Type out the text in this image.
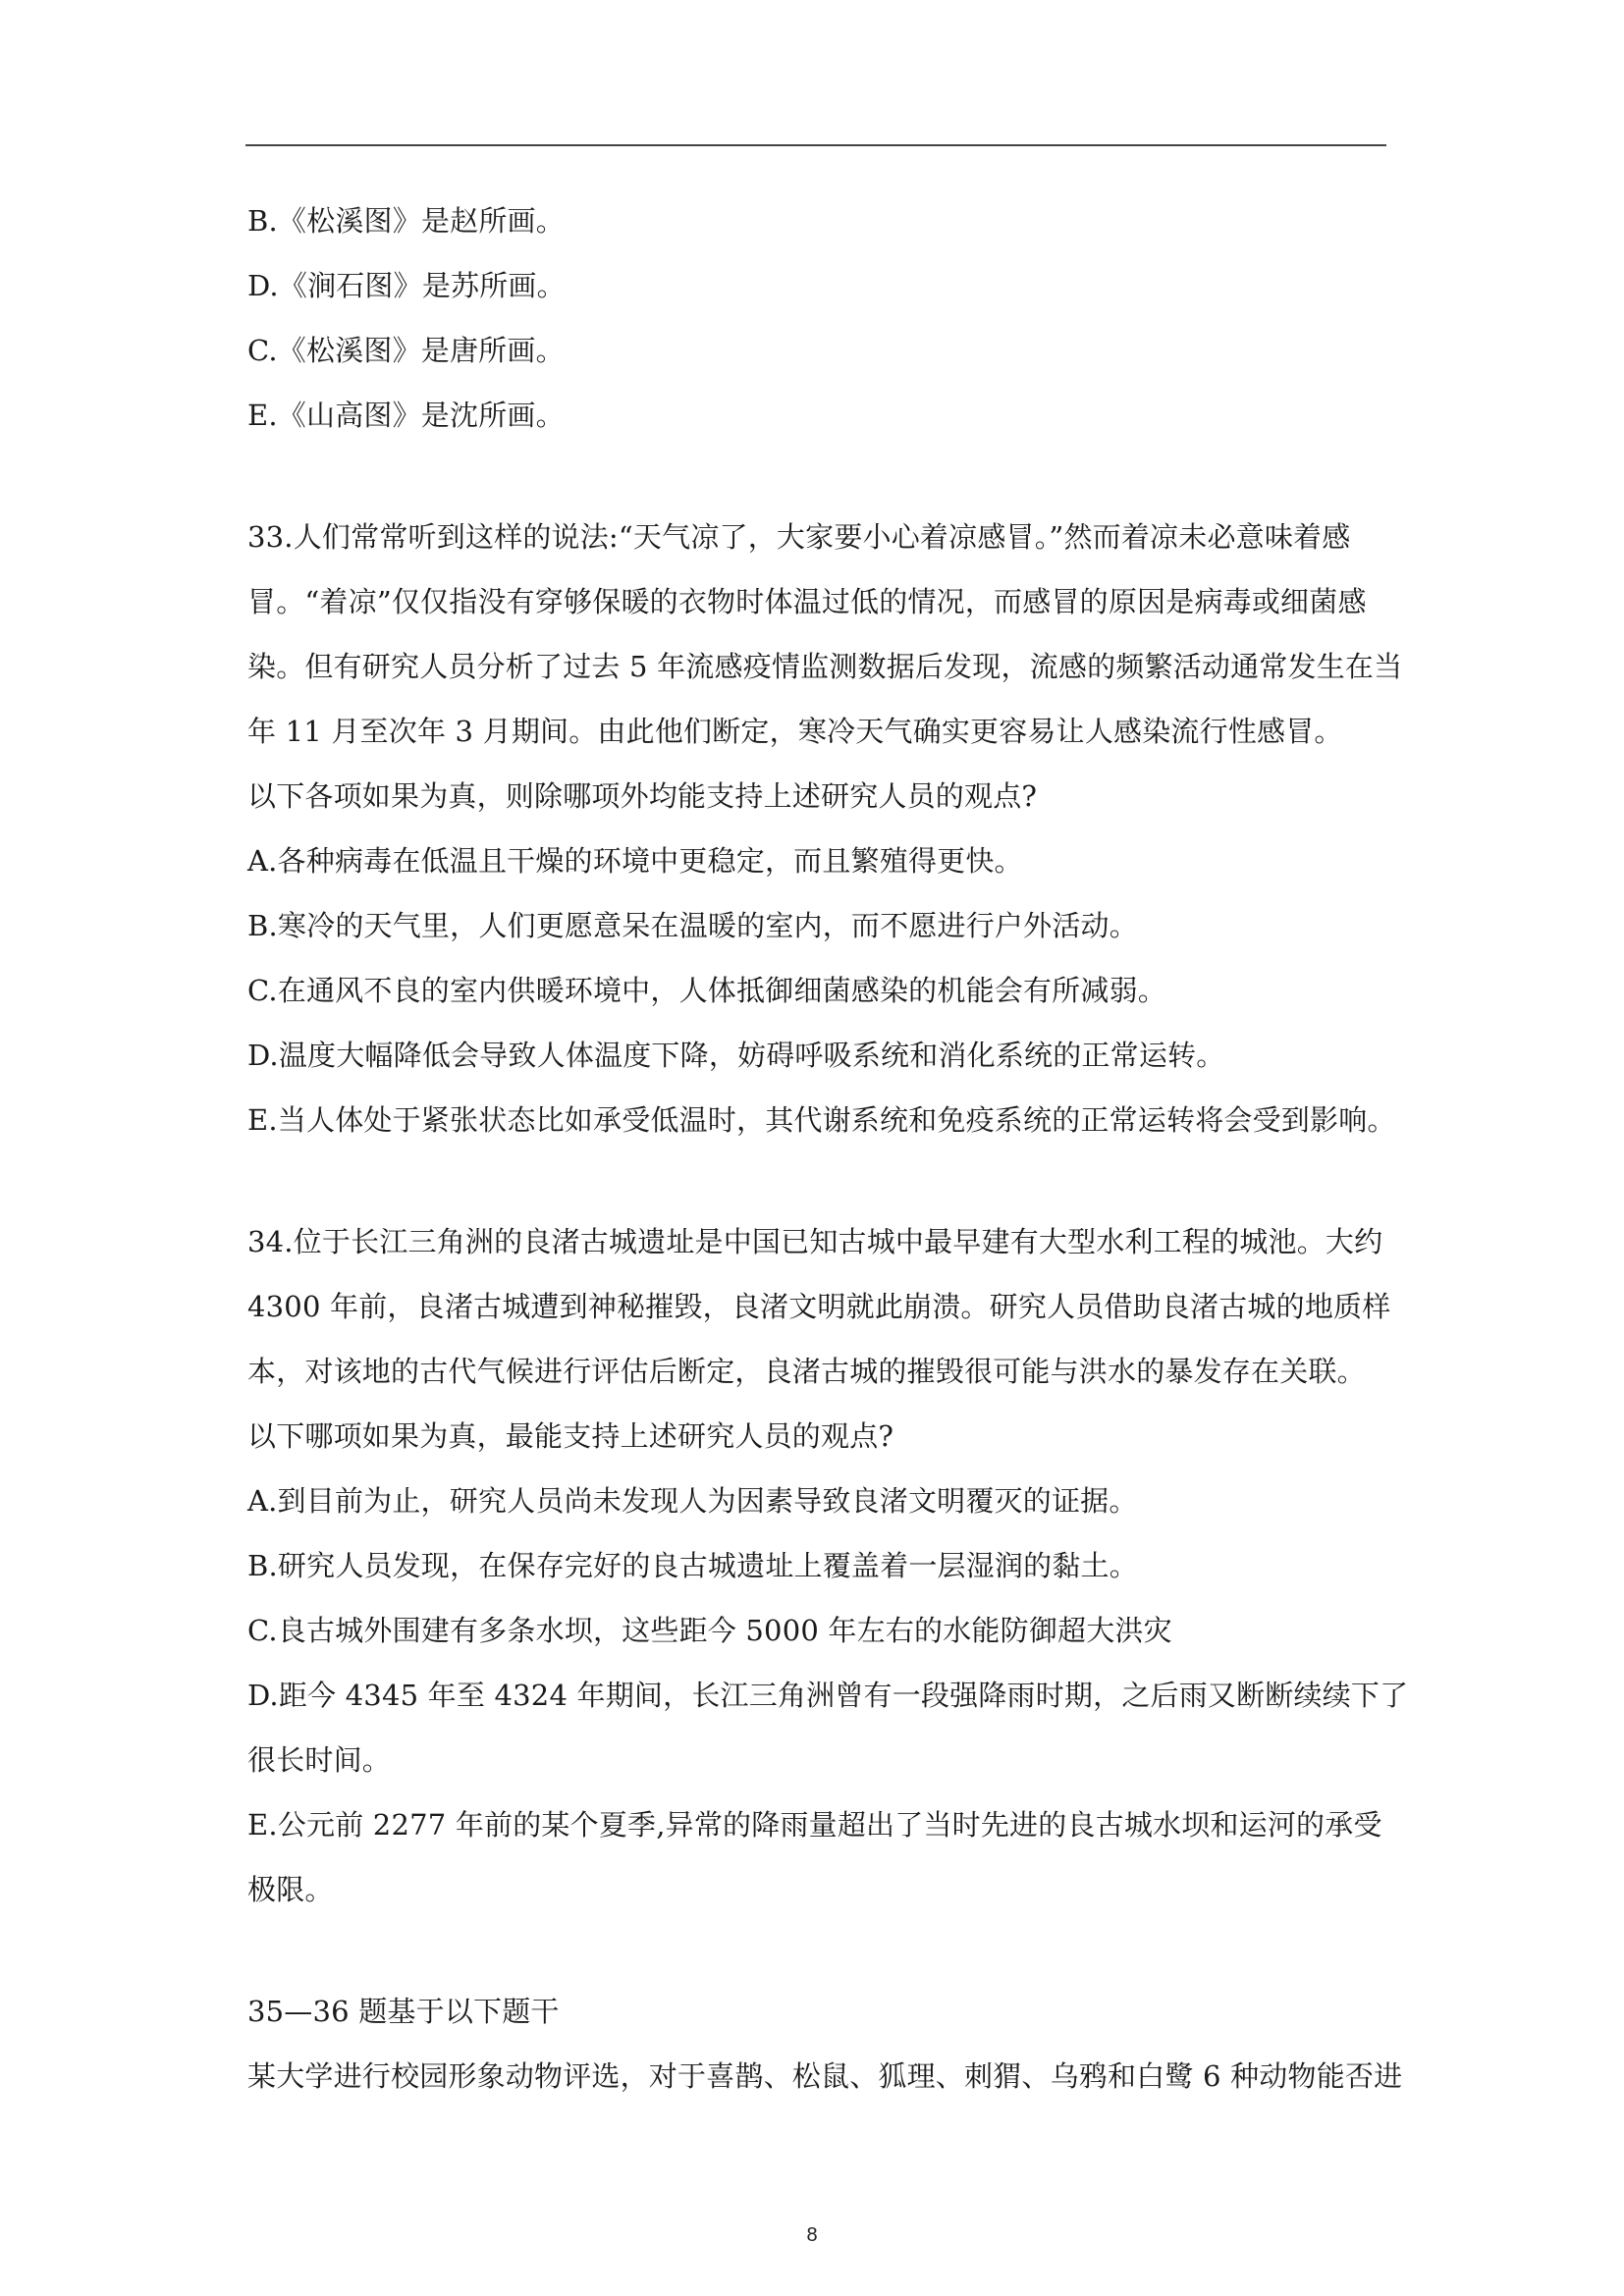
B.《松溪图》是赵所画。
D.《涧石图》是苏所画。
C.《松溪图》是唐所画。
E.《山高图》是沈所画。
33.人们常常听到这样的说法:“天气凉了，大家要小心着凉感冒。”然而着凉未必意味着感
冒。“着凉”仅仅指没有穿够保暖的衣物时体温过低的情况，而感冒的原因是病毒或细菌感
染。但有研究人员分析了过去 5 年流感疫情监测数据后发现，流感的频繁活动通常发生在当
年 11 月至次年 3 月期间。由此他们断定，寒冷天气确实更容易让人感染流行性感冒。
以下各项如果为真，则除哪项外均能支持上述研究人员的观点?
A.各种病毒在低温且干燥的环境中更稳定，而且繁殖得更快。
B.寒冷的天气里，人们更愿意呆在温暖的室内，而不愿进行户外活动。
C.在通风不良的室内供暖环境中，人体抵御细菌感染的机能会有所减弱。
D.温度大幅降低会导致人体温度下降，妨碍呼吸系统和消化系统的正常运转。
E.当人体处于紧张状态比如承受低温时，其代谢系统和免疫系统的正常运转将会受到影响。
34.位于长江三角洲的良渚古城遗址是中国已知古城中最早建有大型水利工程的城池。大约
4300 年前，良渚古城遭到神秘摧毁，良渚文明就此崩溃。研究人员借助良渚古城的地质样
本，对该地的古代气候进行评估后断定，良渚古城的摧毁很可能与洪水的暴发存在关联。
以下哪项如果为真，最能支持上述研究人员的观点?
A.到目前为止，研究人员尚未发现人为因素导致良渚文明覆灭的证据。
B.研究人员发现，在保存完好的良古城遗址上覆盖着一层湿润的黏土。
C.良古城外围建有多条水坝，这些距今 5000 年左右的水能防御超大洪灾
D.距今 4345 年至 4324 年期间，长江三角洲曾有一段强降雨时期，之后雨又断断续续下了
很长时间。
E.公元前 2277 年前的某个夏季,异常的降雨量超出了当时先进的良古城水坝和运河的承受
极限。
35—36 题基于以下题干
某大学进行校园形象动物评选，对于喜鹊、松鼠、狐理、刺猬、乌鸦和白鹭 6 种动物能否进
8
